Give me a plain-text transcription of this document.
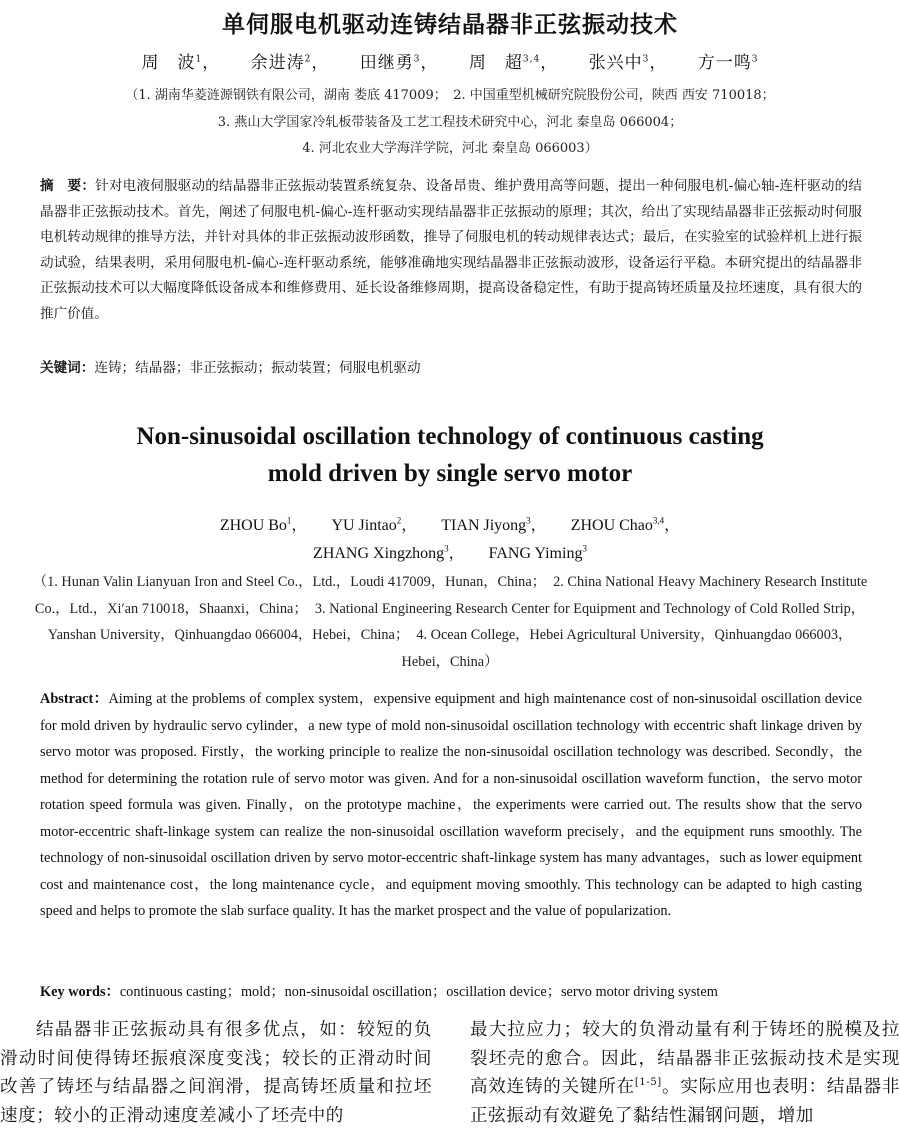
单伺服电机驱动连铸结晶器非正弦振动技术
周　波$^1$， 余进涛$^2$， 田继勇$^3$， 周　超$^{3,4}$， 张兴中$^3$， 方一鸣$^3$
（1. 湖南华菱涟源钢铁有限公司，湖南 娄底 417009；　2. 中国重型机械研究院股份公司，陕西 西安 710018；
3. 燕山大学国家冷轧板带装备及工艺工程技术研究中心，河北 秦皇岛 066004；
4. 河北农业大学海洋学院，河北 秦皇岛 066003）
摘　要：针对电液伺服驱动的结晶器非正弦振动装置系统复杂、设备昂贵、维护费用高等问题，提出一种伺服电机-偏心轴-连杆驱动的结晶器非正弦振动技术。首先，阐述了伺服电机-偏心-连杆驱动实现结晶器非正弦振动的原理；其次，给出了实现结晶器非正弦振动时伺服电机转动规律的推导方法，并针对具体的非正弦振动波形函数，推导了伺服电机的转动规律表达式；最后，在实验室的试验样机上进行振动试验，结果表明，采用伺服电机-偏心-连杆驱动系统，能够准确地实现结晶器非正弦振动波形，设备运行平稳。本研究提出的结晶器非正弦振动技术可以大幅度降低设备成本和维修费用、延长设备维修周期，提高设备稳定性，有助于提高铸坯质量及拉坯速度，具有很大的推广价值。
关键词：连铸；结晶器；非正弦振动；振动装置；伺服电机驱动
Non-sinusoidal oscillation technology of continuous casting
mold driven by single servo motor
ZHOU Bo$^1$， YU Jintao$^2$， TIAN Jiyong$^3$， ZHOU Chao$^{3,4}$，
ZHANG Xingzhong$^3$， FANG Yiming$^3$
（1. Hunan Valin Lianyuan Iron and Steel Co.，Ltd.，Loudi 417009，Hunan，China；　2. China National Heavy Machinery Research Institute Co.，Ltd.，Xi′an 710018，Shaanxi，China；　3. National Engineering Research Center for Equipment and Technology of Cold Rolled Strip，Yanshan University，Qinhuangdao 066004，Hebei，China；　4. Ocean College，Hebei Agricultural University，Qinhuangdao 066003，Hebei，China）
Abstract：Aiming at the problems of complex system，expensive equipment and high maintenance cost of non-sinusoidal oscillation device for mold driven by hydraulic servo cylinder，a new type of mold non-sinusoidal oscillation technology with eccentric shaft linkage driven by servo motor was proposed. Firstly，the working principle to realize the non-sinusoidal oscillation technology was described. Secondly，the method for determining the rotation rule of servo motor was given. And for a non-sinusoidal oscillation waveform function，the servo motor rotation speed formula was given. Finally，on the prototype machine，the experiments were carried out. The results show that the servo motor-eccentric shaft-linkage system can realize the non-sinusoidal oscillation waveform precisely，and the equipment runs smoothly. The technology of non-sinusoidal oscillation driven by servo motor-eccentric shaft-linkage system has many advantages，such as lower equipment cost and maintenance cost，the long maintenance cycle，and equipment moving smoothly. This technology can be adapted to high casting speed and helps to promote the slab surface quality. It has the market prospect and the value of popularization.
Key words：continuous casting；mold；non-sinusoidal oscillation；oscillation device；servo motor driving system
结晶器非正弦振动具有很多优点，如：较短的负滑动时间使得铸坯振痕深度变浅；较长的正滑动时间改善了铸坯与结晶器之间润滑，提高铸坯质量和拉坯速度；较小的正滑动速度差减小了坯壳中的
最大拉应力；较大的负滑动量有利于铸坯的脱模及拉裂坯壳的愈合。因此，结晶器非正弦振动技术是实现高效连铸的关键所在[1-5]。实际应用也表明：结晶器非正弦振动有效避免了黏结性漏钢问题，增加
